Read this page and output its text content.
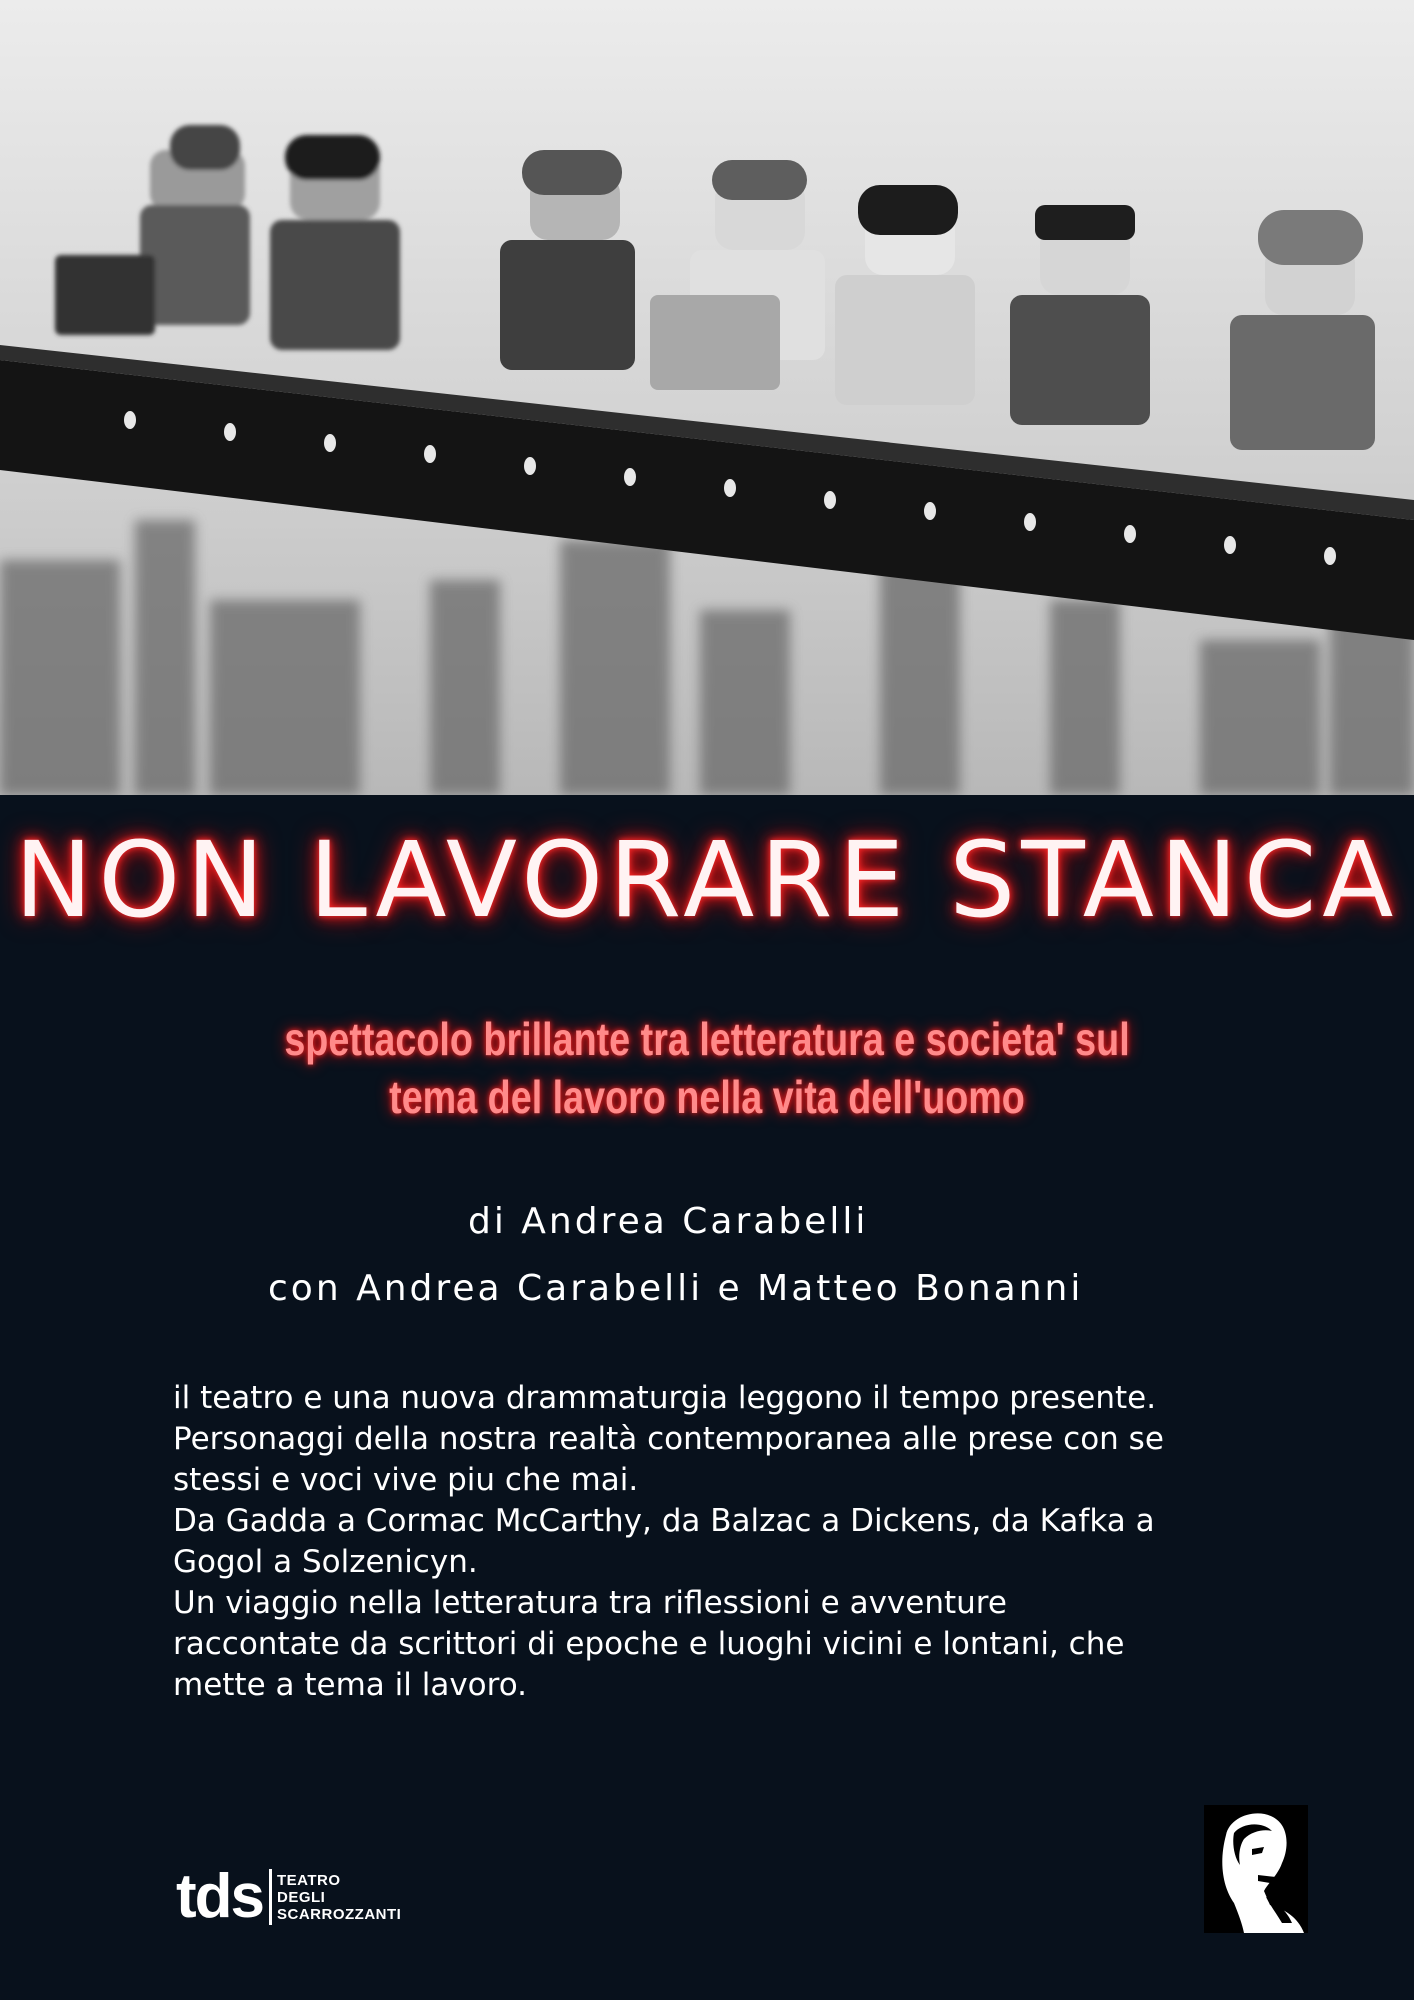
NON LAVORARE STANCA
spettacolo brillante tra letteratura e societa' sul
tema del lavoro nella vita dell'uomo
di Andrea Carabelli
con Andrea Carabelli e Matteo Bonanni
il teatro e una nuova drammaturgia leggono il tempo presente.
Personaggi della nostra realtà contemporanea alle prese con se
stessi e voci vive piu che mai.
Da Gadda a Cormac McCarthy, da Balzac a Dickens, da Kafka a
Gogol a Solzenicyn.
Un viaggio nella letteratura tra riflessioni e avventure
raccontate da scrittori di epoche e luoghi vicini e lontani, che
mette a tema il lavoro.
tds TEATRO
DEGLI
SCARROZZANTI
